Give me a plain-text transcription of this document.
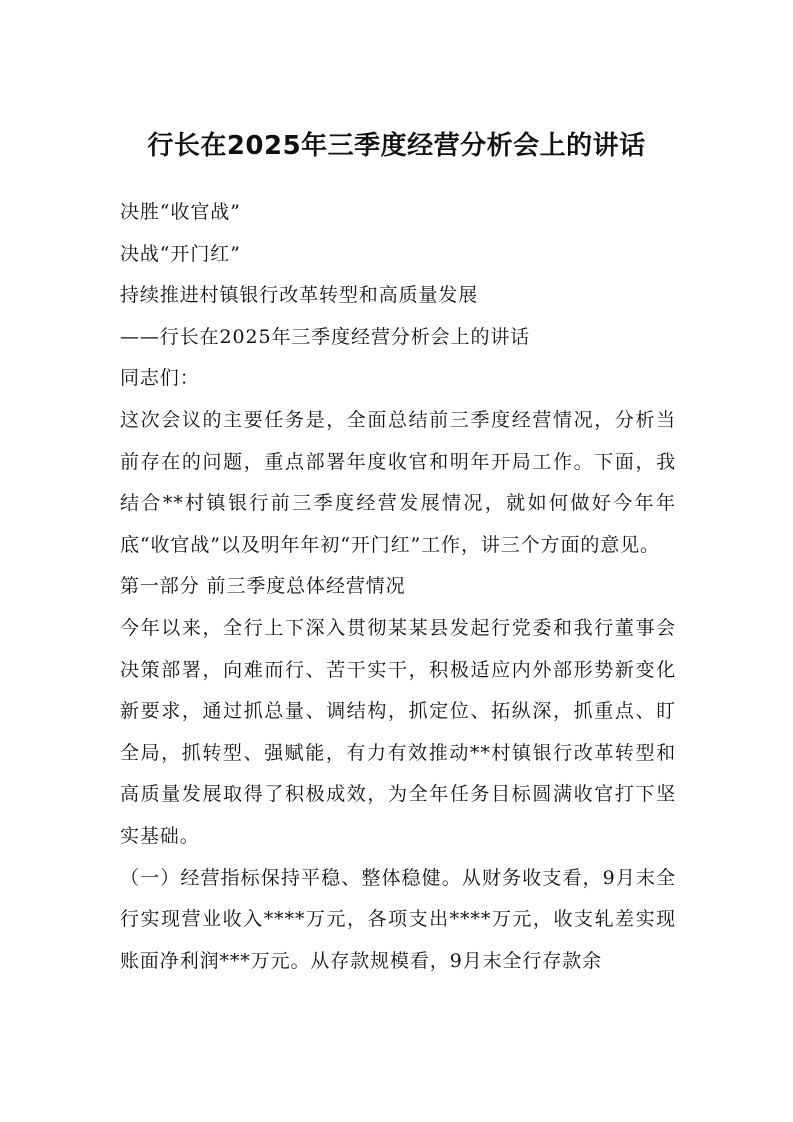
行长在2025年三季度经营分析会上的讲话

决胜“收官战”

决战“开门红”

持续推进村镇银行改革转型和高质量发展

——行长在2025年三季度经营分析会上的讲话

同志们：

这次会议的主要任务是，全面总结前三季度经营情况，分析当前存在的问题，重点部署年度收官和明年开局工作。下面，我结合**村镇银行前三季度经营发展情况，就如何做好今年年底“收官战”以及明年年初“开门红”工作，讲三个方面的意见。

第一部分 前三季度总体经营情况

今年以来，全行上下深入贯彻某某县发起行党委和我行董事会决策部署，向难而行、苦干实干，积极适应内外部形势新变化新要求，通过抓总量、调结构，抓定位、拓纵深，抓重点、盯全局，抓转型、强赋能，有力有效推动**村镇银行改革转型和高质量发展取得了积极成效，为全年任务目标圆满收官打下坚实基础。

（一）经营指标保持平稳、整体稳健。从财务收支看，9月末全行实现营业收入****万元，各项支出****万元，收支轧差实现账面净利润***万元。从存款规模看，9月末全行存款余
